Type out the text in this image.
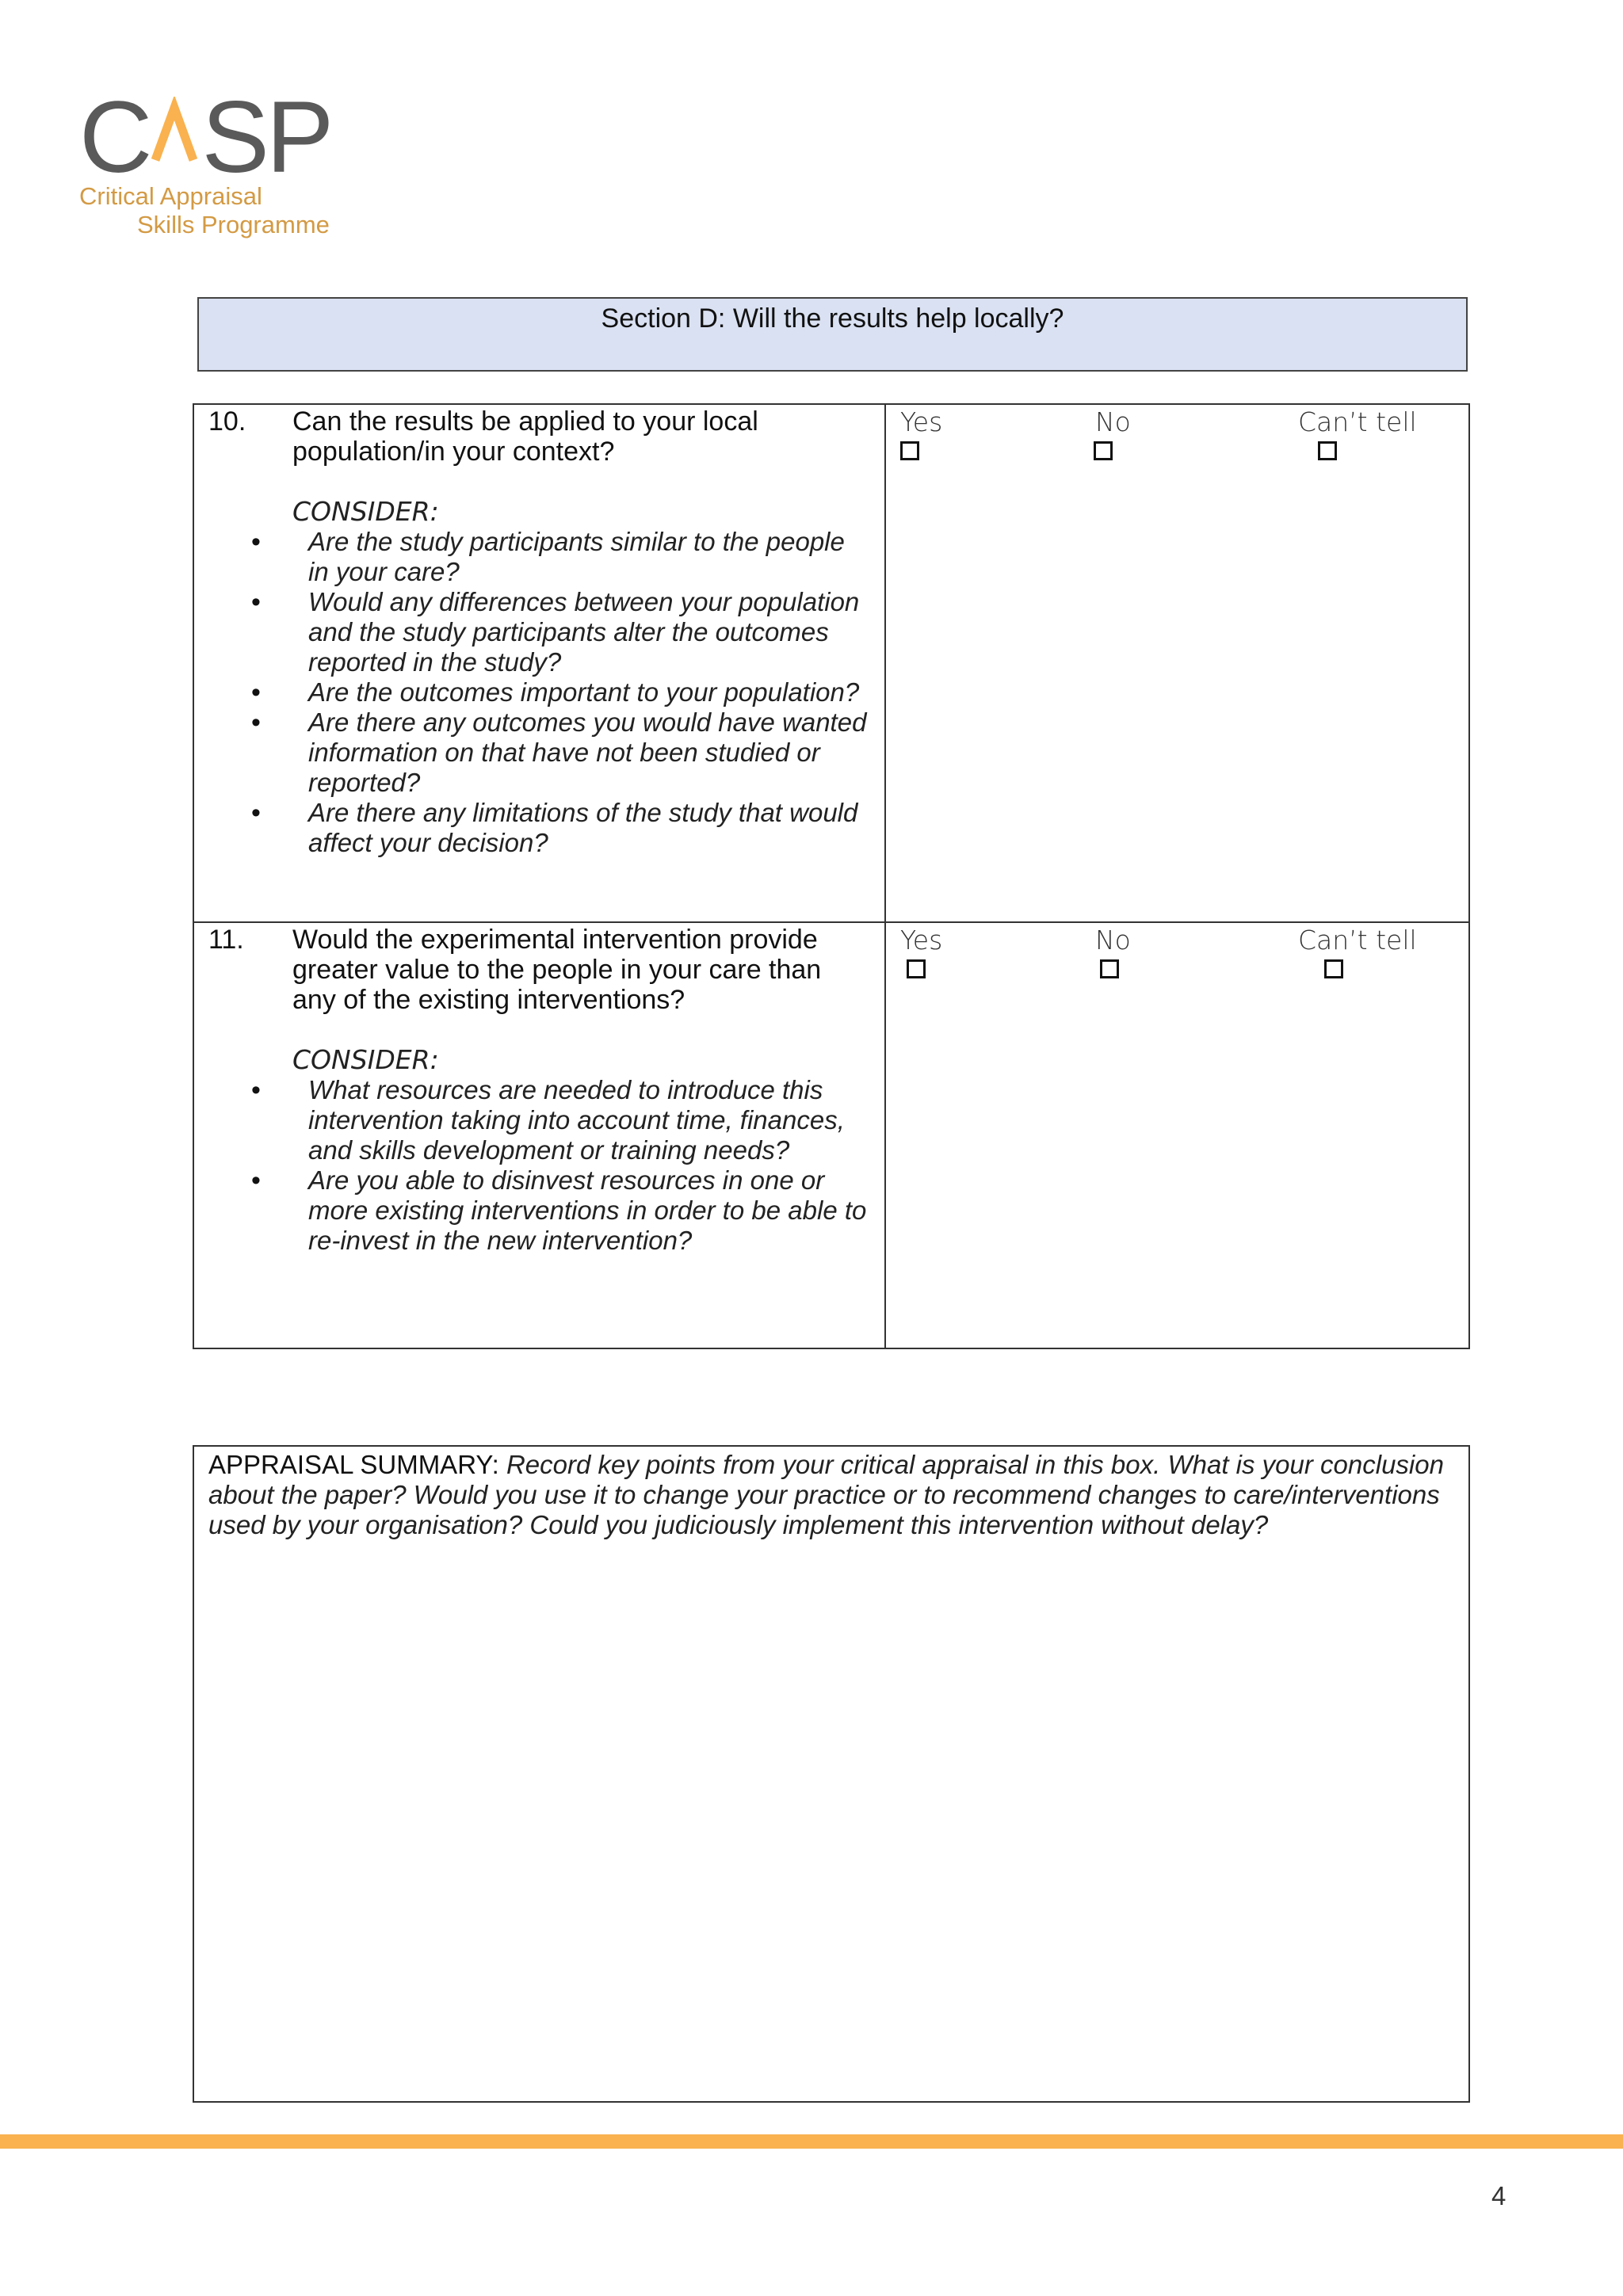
C SP
Critical Appraisal
Skills Programme
Section D: Will the results help locally?
10. Can the results be applied to your local population/in your context?
CONSIDER:
• Are the study participants similar to the people in your care?
• Would any differences between your population and the study participants alter the outcomes reported in the study?
• Are the outcomes important to your population?
• Are there any outcomes you would have wanted information on that have not been studied or reported?
• Are there any limitations of the study that would affect your decision?
Yes	No	Can’t tell
11. Would the experimental intervention provide greater value to the people in your care than any of the existing interventions?
CONSIDER:
• What resources are needed to introduce this intervention taking into account time, finances, and skills development or training needs?
• Are you able to disinvest resources in one or more existing interventions in order to be able to re-invest in the new intervention?
Yes	No	Can’t tell
APPRAISAL SUMMARY: Record key points from your critical appraisal in this box. What is your conclusion about the paper? Would you use it to change your practice or to recommend changes to care/interventions used by your organisation? Could you judiciously implement this intervention without delay?
4
